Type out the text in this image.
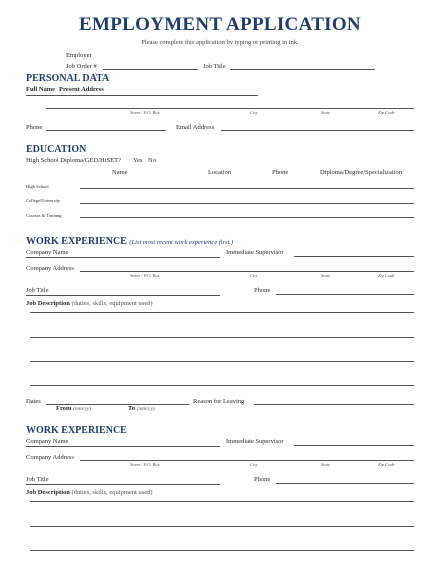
EMPLOYMENT APPLICATION
Please complete this application by typing or printing in ink.
Employer
Job Order #	Job Title
PERSONAL DATA
Full Name Present Address
Street / P.O. Box	City	State	Zip Code
Phone	Email Address
EDUCATION
High School Diploma/GED/HiSET? Yes No
Name	Location	Phone	Diploma/Degree/Specialization
High School
College/University
Courses & Training
WORK EXPERIENCE (List most recent work experience first.)
Company Name	Immediate Supervisor
Company Address
Street / P.O. Box	City	State	Zip Code
Job Title	Phone
Job Description (duties, skills, equipment used)
Dates
From (mm/yy)	To (mm/yy)
Reason for Leaving
WORK EXPERIENCE
Company Name	Immediate Supervisor
Company Address
Street / P.O. Box	City	State	Zip Code
Job Title	Phone
Job Description (duties, skills, equipment used)
